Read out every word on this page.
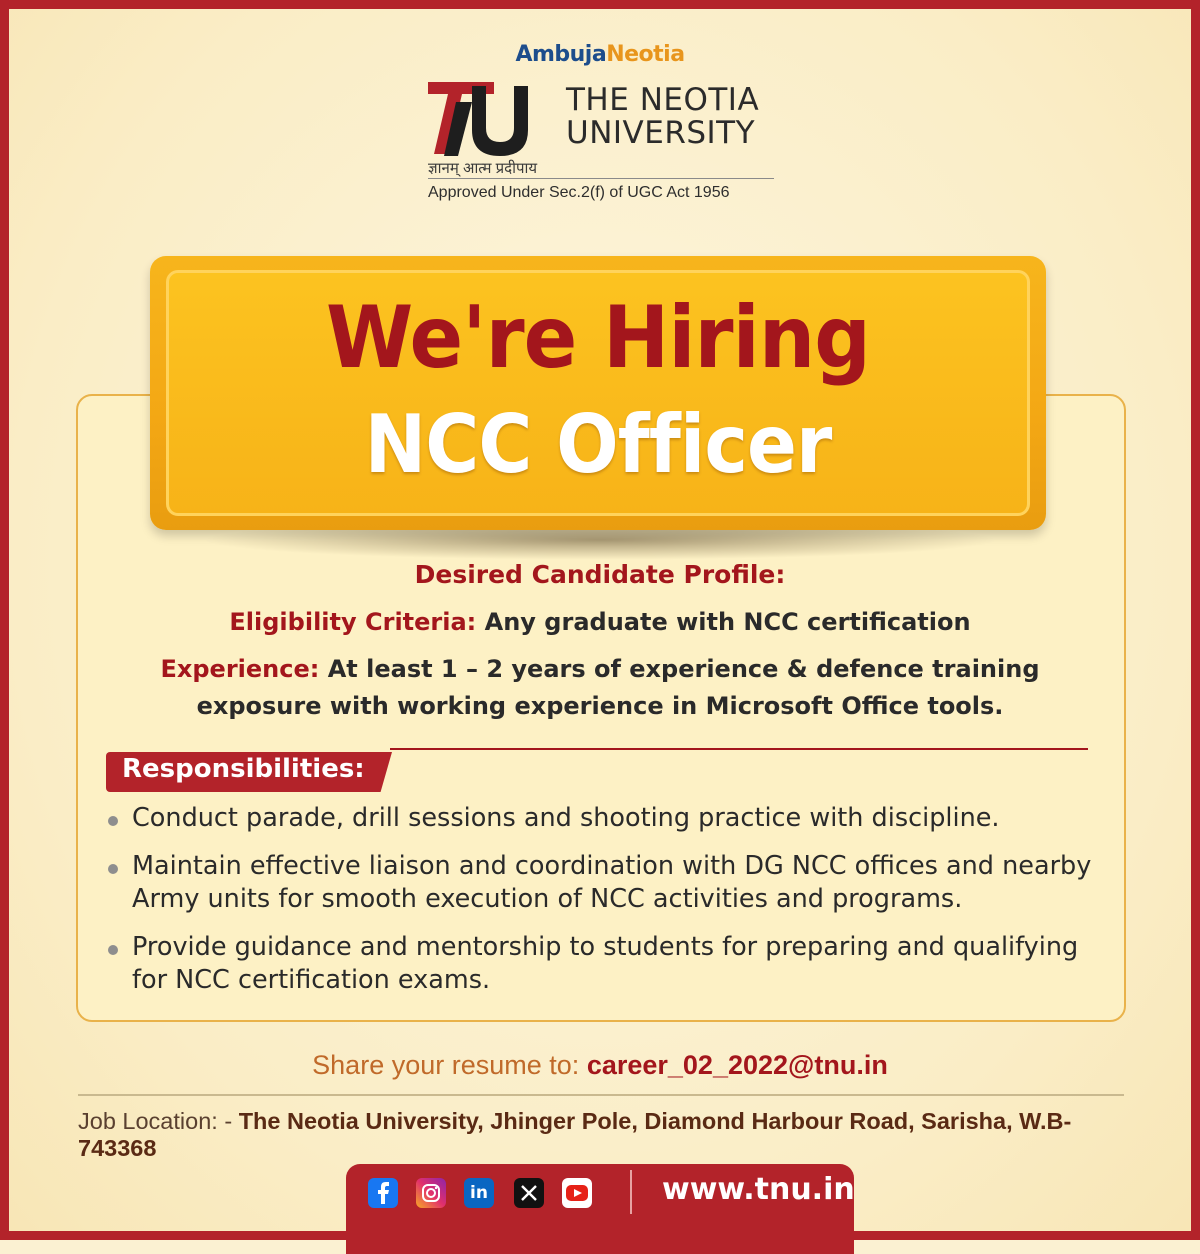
AmbujaNeotia
THE NEOTIA
UNIVERSITY
ज्ञानम् आत्म प्रदीपाय
Approved Under Sec.2(f) of UGC Act 1956
We're Hiring
NCC Officer
Desired Candidate Profile:
Eligibility Criteria: Any graduate with NCC certification
Experience: At least 1 – 2 years of experience & defence training
exposure with working experience in Microsoft Office tools.
Responsibilities:
Conduct parade, drill sessions and shooting practice with discipline.
Maintain effective liaison and coordination with DG NCC offices and nearby Army units for smooth execution of NCC activities and programs.
Provide guidance and mentorship to students for preparing and qualifying for NCC certification exams.
Share your resume to: career_02_2022@tnu.in
Job Location: - The Neotia University, Jhinger Pole, Diamond Harbour Road, Sarisha, W.B- 743368
in	www.tnu.in
